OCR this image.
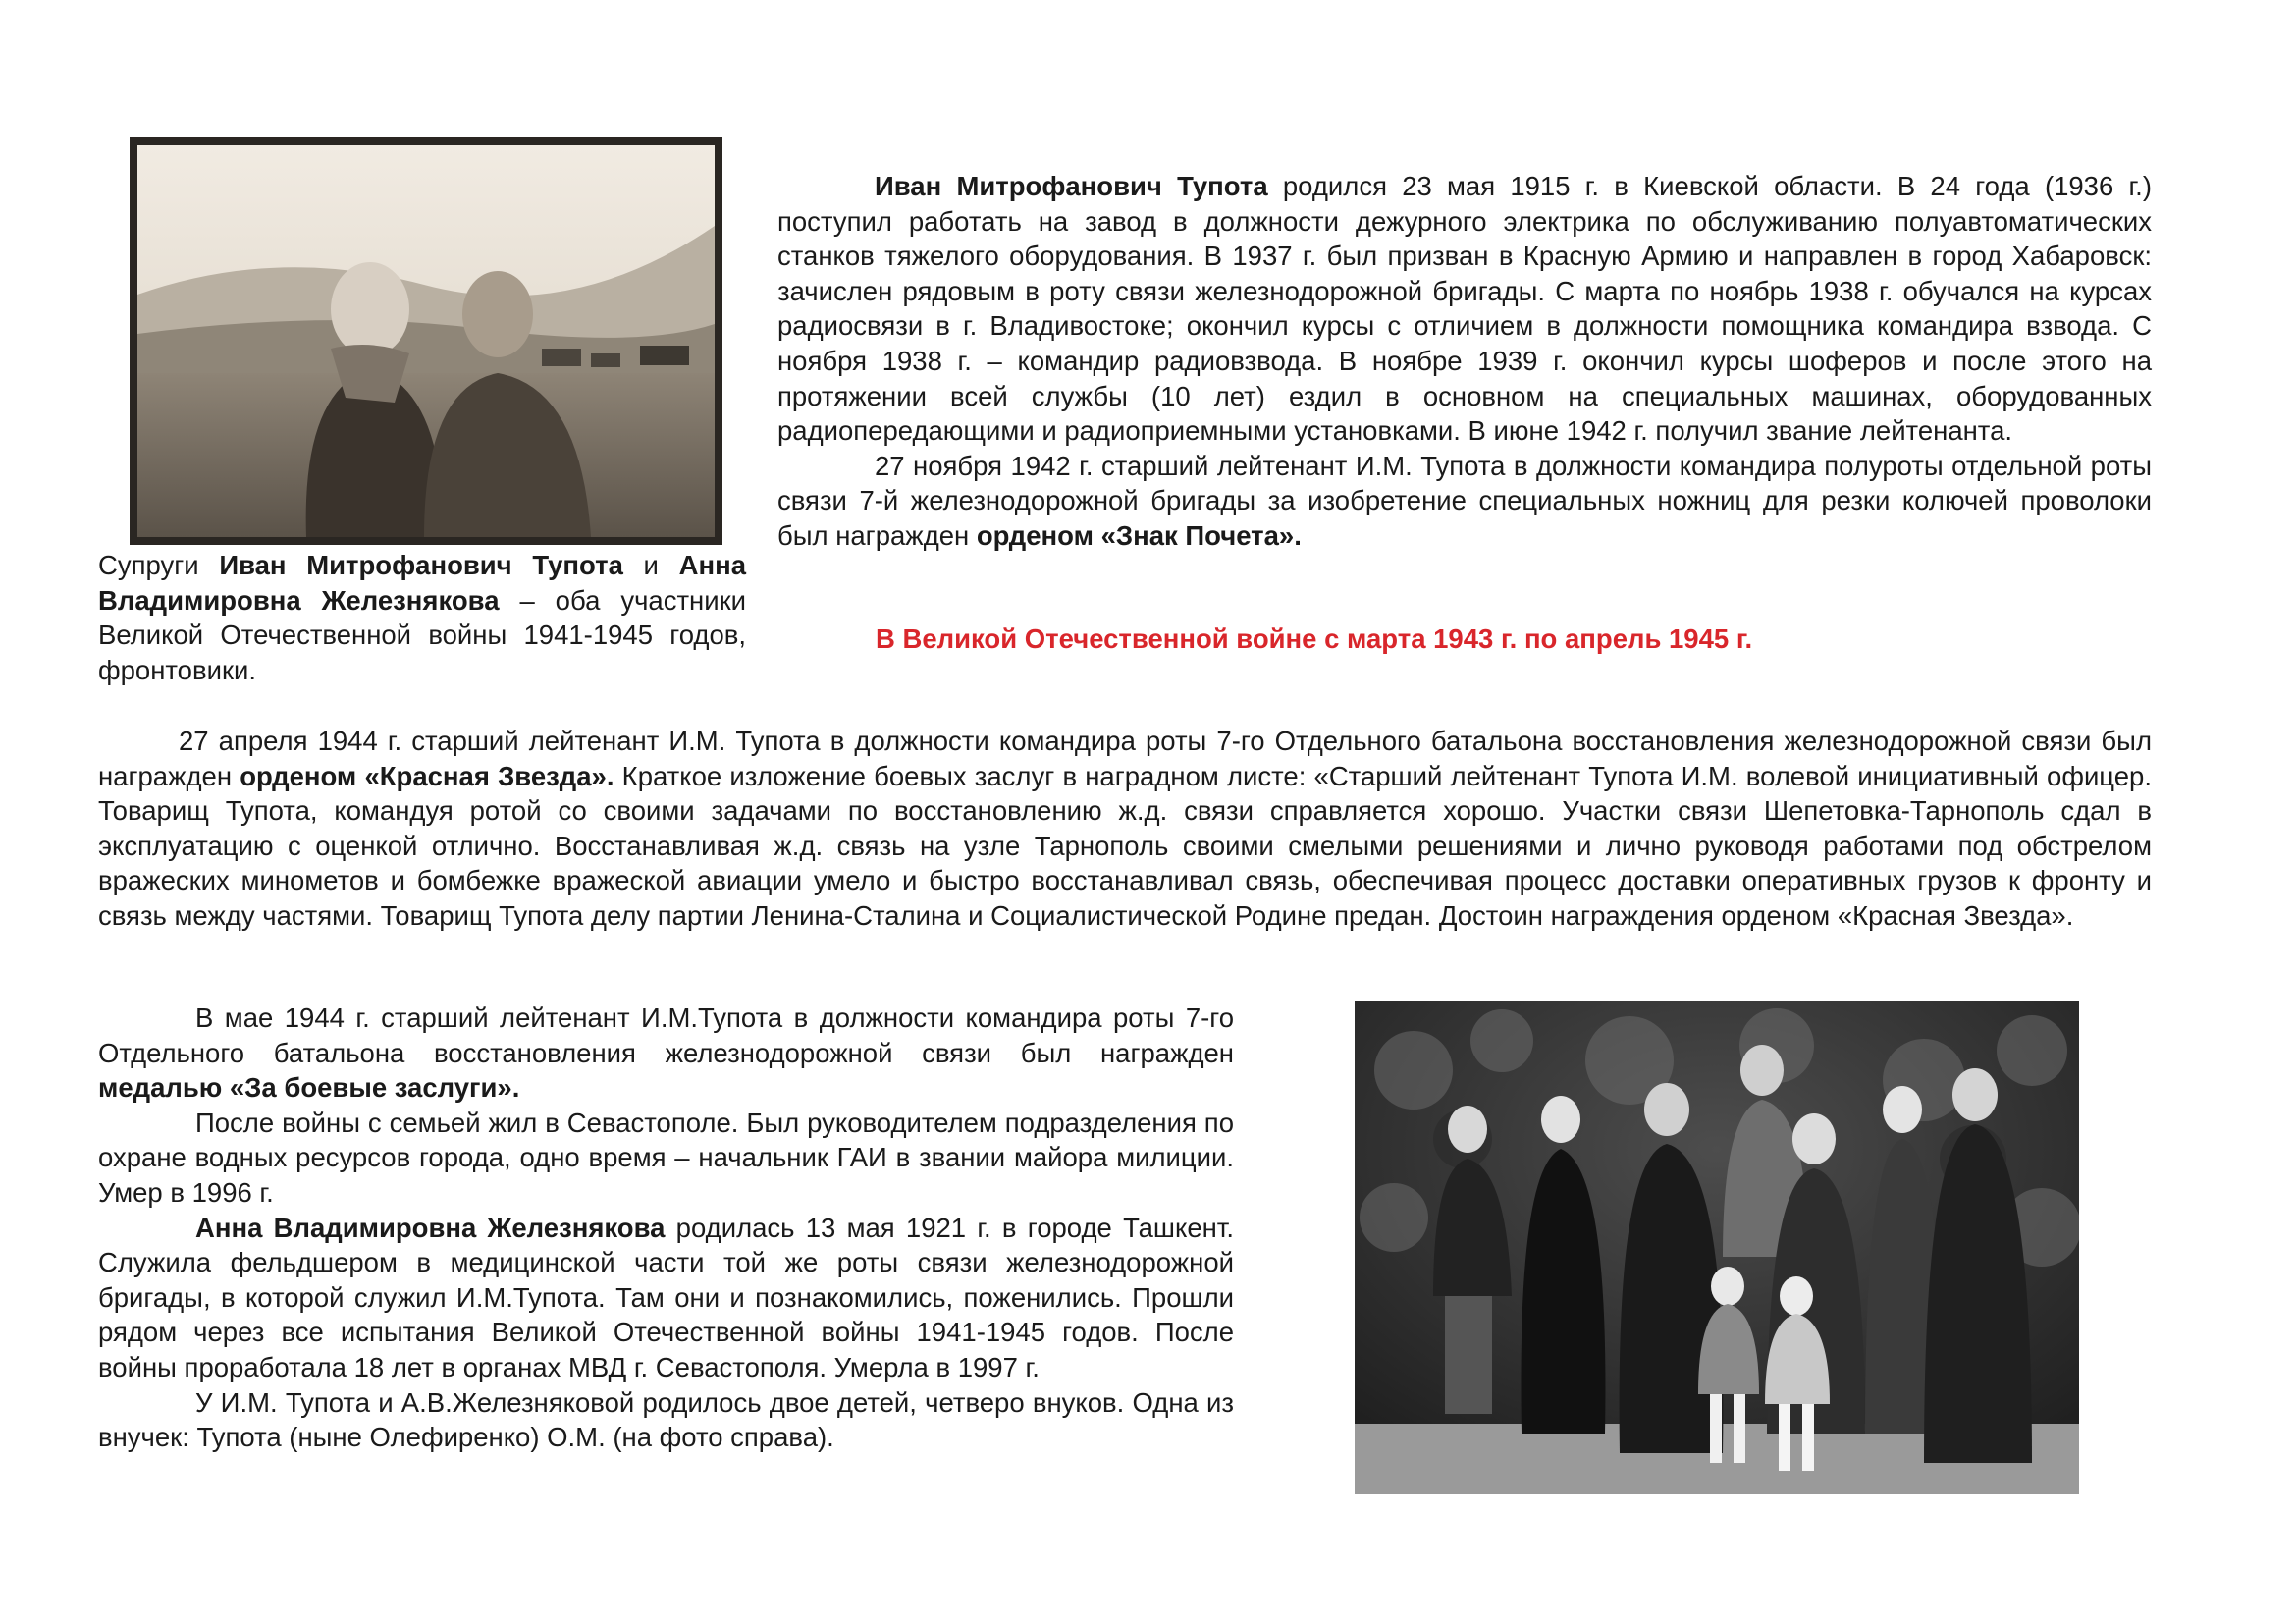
Супруги Иван Митрофанович Тупота и Анна Владимировна Железнякова – оба участники Великой Отечественной войны 1941-1945 годов, фронтовики.

Иван Митрофанович Тупота родился 23 мая 1915 г. в Киевской области. В 24 года (1936 г.) поступил работать на завод в должности дежурного электрика по обслуживанию полуавтоматических станков тяжелого оборудования. В 1937 г. был призван в Красную Армию и направлен в город Хабаровск: зачислен рядовым в роту связи железнодорожной бригады. С марта по ноябрь 1938 г. обучался на курсах радиосвязи в г. Владивостоке; окончил курсы с отличием в должности помощника командира взвода. С ноября 1938 г. – командир радиовзвода. В ноябре 1939 г. окончил курсы шоферов и после этого на протяжении всей службы (10 лет) ездил в основном на специальных машинах, оборудованных радиопередающими и радиоприемными установками. В июне 1942 г. получил звание лейтенанта.

27 ноября 1942 г. старший лейтенант И.М. Тупота в должности командира полуроты отдельной роты связи 7-й железнодорожной бригады за изобретение специальных ножниц для резки колючей проволоки был награжден орденом «Знак Почета».

В Великой Отечественной войне с марта 1943 г. по апрель 1945 г.

27 апреля 1944 г. старший лейтенант И.М. Тупота в должности командира роты 7-го Отдельного батальона восстановления железнодорожной связи был награжден орденом «Красная Звезда». Краткое изложение боевых заслуг в наградном листе: «Старший лейтенант Тупота И.М. волевой инициативный офицер. Товарищ Тупота, командуя ротой со своими задачами по восстановлению ж.д. связи справляется хорошо. Участки связи Шепетовка-Тарнополь сдал в эксплуатацию с оценкой отлично. Восстанавливая ж.д. связь на узле Тарнополь своими смелыми решениями и лично руководя работами под обстрелом вражеских минометов и бомбежке вражеской авиации умело и быстро восстанавливал связь, обеспечивая процесс доставки оперативных грузов к фронту и связь между частями. Товарищ Тупота делу партии Ленина-Сталина и Социалистической Родине предан. Достоин награждения орденом «Красная Звезда».

В мае 1944 г. старший лейтенант И.М.Тупота в должности командира роты 7-го Отдельного батальона восстановления железнодорожной связи был награжден медалью «За боевые заслуги».

После войны с семьей жил в Севастополе. Был руководителем подразделения по охране водных ресурсов города, одно время – начальник ГАИ в звании майора милиции. Умер в 1996 г.

Анна Владимировна Железнякова родилась 13 мая 1921 г. в городе Ташкент. Служила фельдшером в медицинской части той же роты связи железнодорожной бригады, в которой служил И.М.Тупота. Там они и познакомились, поженились. Прошли рядом через все испытания Великой Отечественной войны 1941-1945 годов. После войны проработала 18 лет в органах МВД г. Севастополя. Умерла в 1997 г.

У И.М. Тупота и А.В.Железняковой родилось двое детей, четверо внуков. Одна из внучек: Тупота (ныне Олефиренко) О.М. (на фото справа).
